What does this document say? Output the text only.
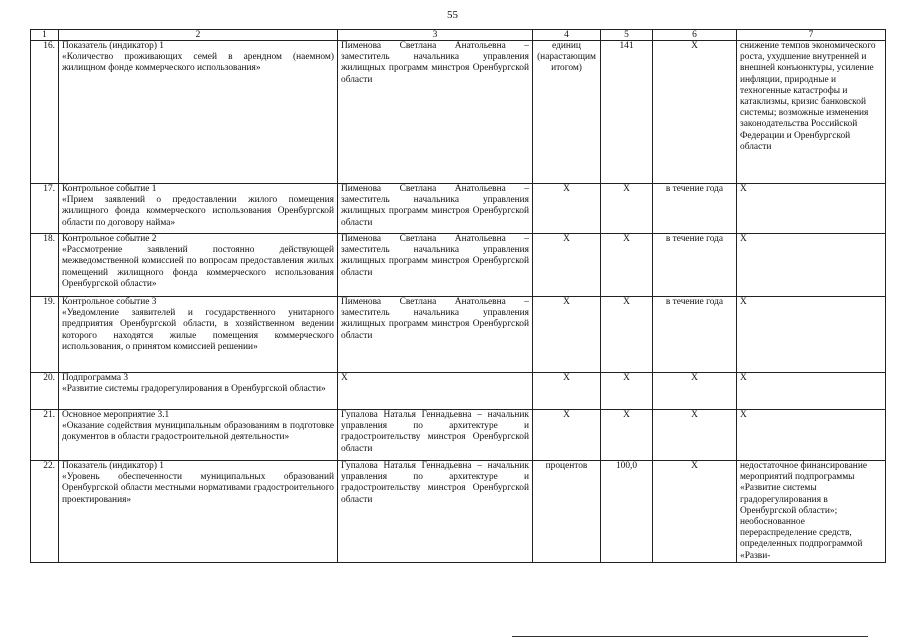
55
1	2	3	4	5	6	7
16.	Показатель (индикатор) 1
«Количество проживающих семей в арендном (наемном) жилищном фонде коммерческого использования»	Пименова Светлана Анатольевна – заместитель начальника управления жилищных программ минстроя Оренбургской области	единиц (нарастающим итогом)	141	X	снижение темпов экономического роста, ухудшение внутренней и внешней конъюнктуры, усиление инфляции, природные и техногенные катастрофы и катаклизмы, кризис банковской системы; возможные изменения законодательства Российской Федерации и Оренбургской области
17.	Контрольное событие 1
«Прием заявлений о предоставлении жилого помещения жилищного фонда коммерческого использования Оренбургской области по договору найма»	Пименова Светлана Анатольевна – заместитель начальника управления жилищных программ минстроя Оренбургской области	X	X	в течение года	X
18.	Контрольное событие 2
«Рассмотрение заявлений постоянно действующей межведомственной комиссией по вопросам предоставления жилых помещений жилищного фонда коммерческого использования Оренбургской области»	Пименова Светлана Анатольевна – заместитель начальника управления жилищных программ минстроя Оренбургской области	X	X	в течение года	X
19.	Контрольное событие 3
«Уведомление заявителей и государственного унитарного предприятия Оренбургской области, в хозяйственном ведении которого находятся жилые помещения коммерческого использования, о принятом комиссией решении»	Пименова Светлана Анатольевна – заместитель начальника управления жилищных программ минстроя Оренбургской области	X	X	в течение года	X
20.	Подпрограмма 3
«Развитие системы градорегулирования в Оренбургской области»	X	X	X	X	X
21.	Основное мероприятие 3.1
«Оказание содействия муниципальным образованиям в подготовке документов в области градостроительной деятельности»	Гупалова Наталья Геннадьевна – начальник управления по архитектуре и градостроительству минстроя Оренбургской области	X	X	X	X
22.	Показатель (индикатор) 1
«Уровень обеспеченности муниципальных образований Оренбургской области местными нормативами градостроительного проектирования»	Гупалова Наталья Геннадьевна – начальник управления по архитектуре и градостроительству минстроя Оренбургской области	процентов	100,0	X	недостаточное финансирование мероприятий подпрограммы «Развитие системы градорегулирования в Оренбургской области»; необоснованное перераспределение средств, определенных подпрограммой «Разви-
